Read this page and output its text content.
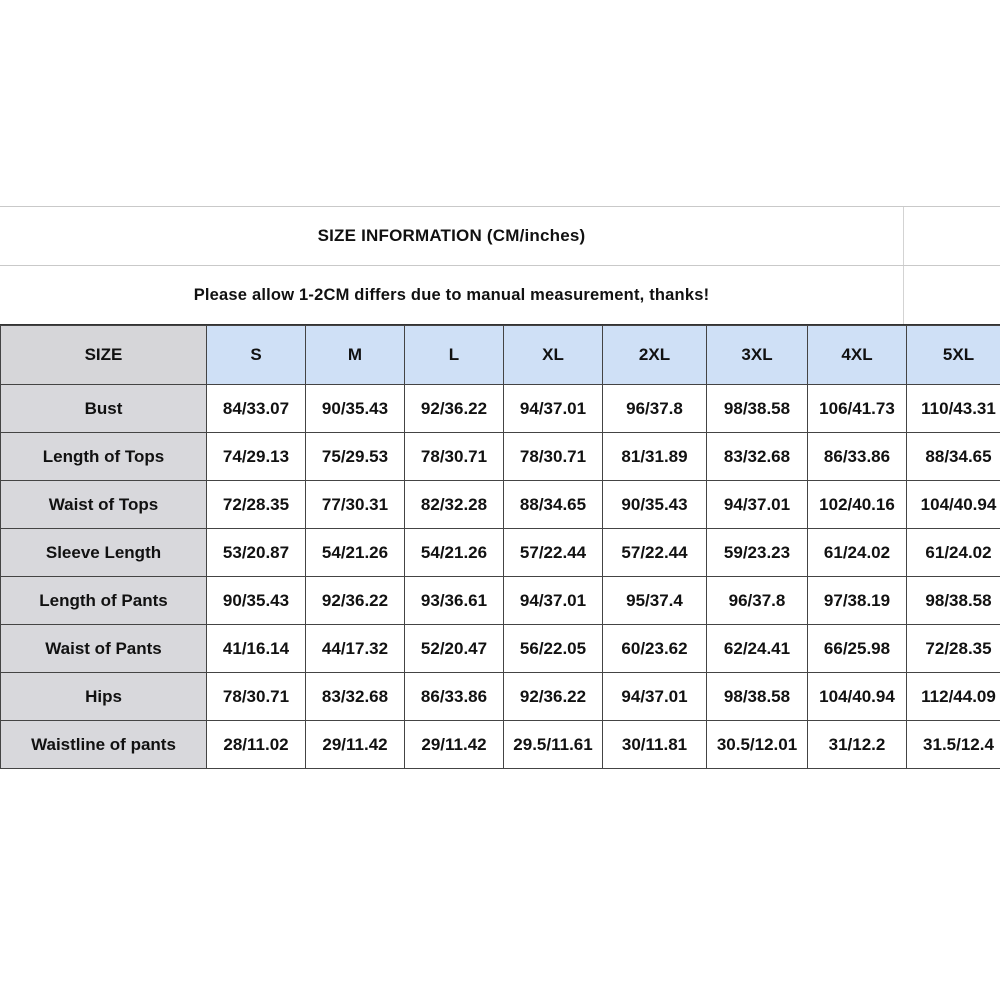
SIZE INFORMATION (CM/inches)
Please allow 1-2CM differs due to manual measurement, thanks!
SIZE	S	M	L	XL	2XL	3XL	4XL	5XL
Bust	84/33.07	90/35.43	92/36.22	94/37.01	96/37.8	98/38.58	106/41.73	110/43.31
Length of Tops	74/29.13	75/29.53	78/30.71	78/30.71	81/31.89	83/32.68	86/33.86	88/34.65
Waist of Tops	72/28.35	77/30.31	82/32.28	88/34.65	90/35.43	94/37.01	102/40.16	104/40.94
Sleeve Length	53/20.87	54/21.26	54/21.26	57/22.44	57/22.44	59/23.23	61/24.02	61/24.02
Length of Pants	90/35.43	92/36.22	93/36.61	94/37.01	95/37.4	96/37.8	97/38.19	98/38.58
Waist of Pants	41/16.14	44/17.32	52/20.47	56/22.05	60/23.62	62/24.41	66/25.98	72/28.35
Hips	78/30.71	83/32.68	86/33.86	92/36.22	94/37.01	98/38.58	104/40.94	112/44.09
Waistline of pants	28/11.02	29/11.42	29/11.42	29.5/11.61	30/11.81	30.5/12.01	31/12.2	31.5/12.4
